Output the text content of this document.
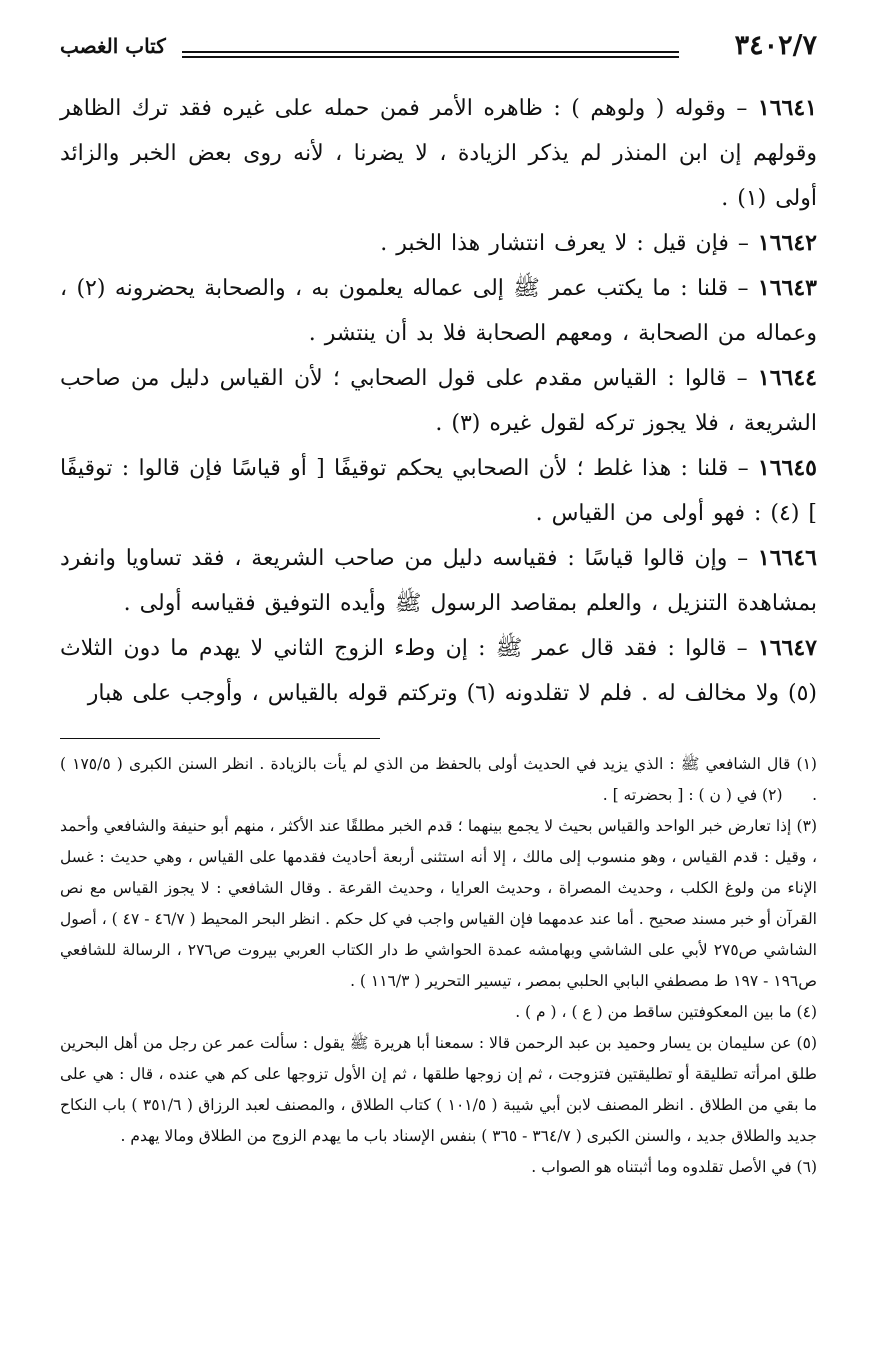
٣٤٠٢/٧
كتاب الغصب

١٦٦٤١ – وقوله ( ولوهم ) : ظاهره الأمر فمن حمله على غيره فقد ترك الظاهر وقولهم إن ابن المنذر لم يذكر الزيادة ، لا يضرنا ، لأنه روى بعض الخبر والزائد أولى (١) .

١٦٦٤٢ – فإن قيل : لا يعرف انتشار هذا الخبر .

١٦٦٤٣ – قلنا : ما يكتب عمر ﷺ إلى عماله يعلمون به ، والصحابة يحضرونه (٢) ، وعماله من الصحابة ، ومعهم الصحابة فلا بد أن ينتشر .

١٦٦٤٤ – قالوا : القياس مقدم على قول الصحابي ؛ لأن القياس دليل من صاحب الشريعة ، فلا يجوز تركه لقول غيره (٣) .

١٦٦٤٥ – قلنا : هذا غلط ؛ لأن الصحابي يحكم توقيفًا [ أو قياسًا فإن قالوا : توقيفًا ] (٤) : فهو أولى من القياس .

١٦٦٤٦ – وإن قالوا قياسًا : فقياسه دليل من صاحب الشريعة ، فقد تساويا وانفرد بمشاهدة التنزيل ، والعلم بمقاصد الرسول ﷺ وأيده التوفيق فقياسه أولى .

١٦٦٤٧ – قالوا : فقد قال عمر ﷺ : إن وطء الزوج الثاني لا يهدم ما دون الثلاث (٥) ولا مخالف له . فلم لا تقلدونه (٦) وتركتم قوله بالقياس ، وأوجب على هبار

(١) قال الشافعي ﷺ : الذي يزيد في الحديث أولى بالحفظ من الذي لم يأت بالزيادة . انظر السنن الكبرى ( ١٧٥/٥ ) .      (٢) في ( ن ) : [ بحضرته ] .

(٣) إذا تعارض خبر الواحد والقياس بحيث لا يجمع بينهما ؛ قدم الخبر مطلقًا عند الأكثر ، منهم أبو حنيفة والشافعي وأحمد ، وقيل : قدم القياس ، وهو منسوب إلى مالك ، إلا أنه استثنى أربعة أحاديث فقدمها على القياس ، وهي حديث : غسل الإناء من ولوغ الكلب ، وحديث المصراة ، وحديث العرايا ، وحديث القرعة . وقال الشافعي : لا يجوز القياس مع نص القرآن أو خبر مسند صحيح . أما عند عدمهما فإن القياس واجب في كل حكم . انظر البحر المحيط ( ٤٦/٧ - ٤٧ ) ، أصول الشاشي ص٢٧٥ لأبي على الشاشي وبهامشه عمدة الحواشي ط دار الكتاب العربي بيروت ص٢٧٦ ، الرسالة للشافعي ص١٩٦ - ١٩٧ ط مصطفي البابي الحلبي بمصر ، تيسير التحرير ( ١١٦/٣ ) .

(٤) ما بين المعكوفتين ساقط من ( ع ) ، ( م ) .

(٥) عن سليمان بن يسار وحميد بن عبد الرحمن قالا : سمعنا أبا هريرة ﷺ يقول : سألت عمر عن رجل من أهل البحرين طلق امرأته تطليقة أو تطليقتين فتزوجت ، ثم إن زوجها طلقها ، ثم إن الأول تزوجها على كم هي عنده ، قال : هي على ما بقي من الطلاق . انظر المصنف لابن أبي شيبة ( ١٠١/٥ ) كتاب الطلاق ، والمصنف لعبد الرزاق ( ٣٥١/٦ ) باب النكاح جديد والطلاق جديد ، والسنن الكبرى ( ٣٦٤/٧ - ٣٦٥ ) بنفس الإسناد باب ما يهدم الزوج من الطلاق ومالا يهدم .

(٦) في الأصل تقلدوه وما أثبتناه هو الصواب .
